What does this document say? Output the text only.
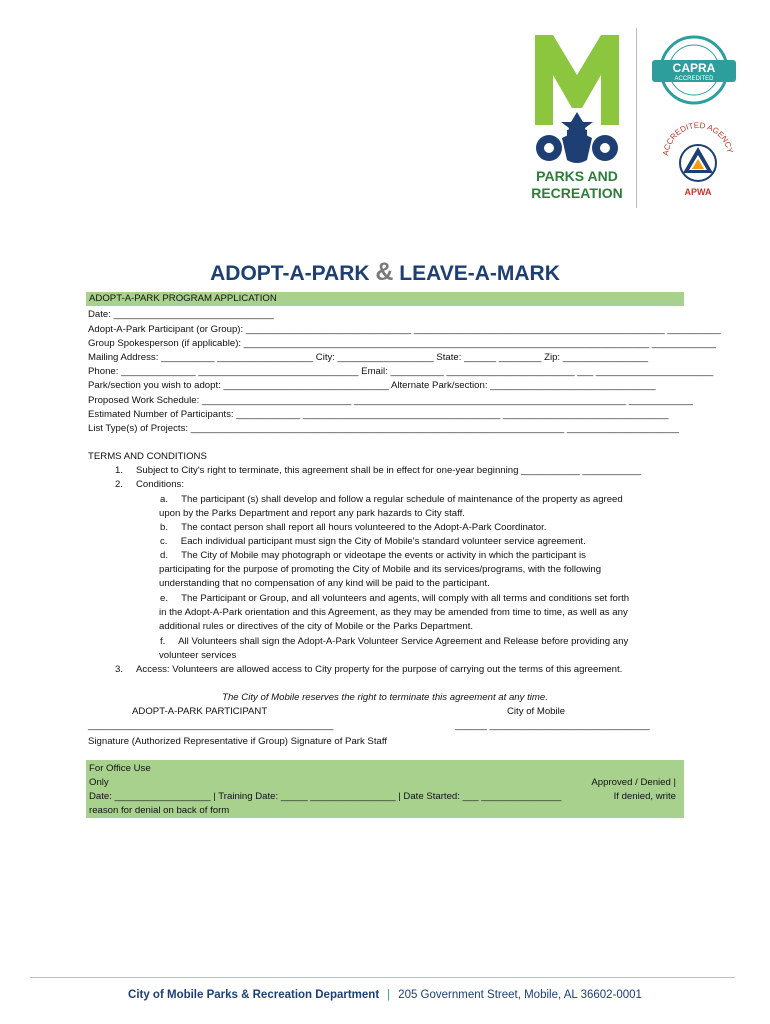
PARKS AND
RECREATION
CAPRA
ACCREDITED
ACCREDITED AGENCY
APWA
ADOPT-A-PARK & LEAVE-A-MARK
ADOPT-A-PARK PROGRAM APPLICATION
Date: ______________________________
Adopt-A-Park Participant (or Group): _______________________________ _______________________________________________ __________
Group Spokesperson (if applicable): ____________________________________________________________________________ ____________
Mailing Address: __________ __________________ City: __________________ State: ______ ________ Zip: ________________
Phone: ______________ ______________________________ Email: __________ ________________________ ___ ______________________
Park/section you wish to adopt: _______________________________ Alternate Park/section: _______________________________
Proposed Work Schedule: ____________________________ ___________________________________________________ ____________
Estimated Number of Participants: ____________ _____________________________________ _______________________________
List Type(s) of Projects: ______________________________________________________________________ _____________________
TERMS AND CONDITIONS
1. Subject to City's right to terminate, this agreement shall be in effect for one-year beginning ___________ ___________
2. Conditions:
a.     The participant (s) shall develop and follow a regular schedule of maintenance of the property as agreed
upon by the Parks Department and report any park hazards to City staff.
b.     The contact person shall report all hours volunteered to the Adopt-A-Park Coordinator.
c.     Each individual participant must sign the City of Mobile's standard volunteer service agreement.
d.     The City of Mobile may photograph or videotape the events or activity in which the participant is
participating for the purpose of promoting the City of Mobile and its services/programs, with the following
understanding that no compensation of any kind will be paid to the participant.
e.     The Participant or Group, and all volunteers and agents, will comply with all terms and conditions set forth
in the Adopt-A-Park orientation and this Agreement, as they may be amended from time to time, as well as any
additional rules or directives of the city of Mobile or the Parks Department.
f.     All Volunteers shall sign the Adopt-A-Park Volunteer Service Agreement and Release before providing any
volunteer services
3. Access: Volunteers are allowed access to City property for the purpose of carrying out the terms of this agreement.
The City of Mobile reserves the right to terminate this agreement at any time.
ADOPT-A-PARK PARTICIPANT	City of Mobile
______________________________________________	______ ______________________________
Signature (Authorized Representative if Group) Signature of Park Staff
For Office Use
Only	Approved / Denied |
Date: __________________ | Training Date: _____ ________________ | Date Started: ___ _______________	If denied, write
reason for denial on back of form
City of Mobile Parks & Recreation Department | 205 Government Street, Mobile, AL 36602-0001
